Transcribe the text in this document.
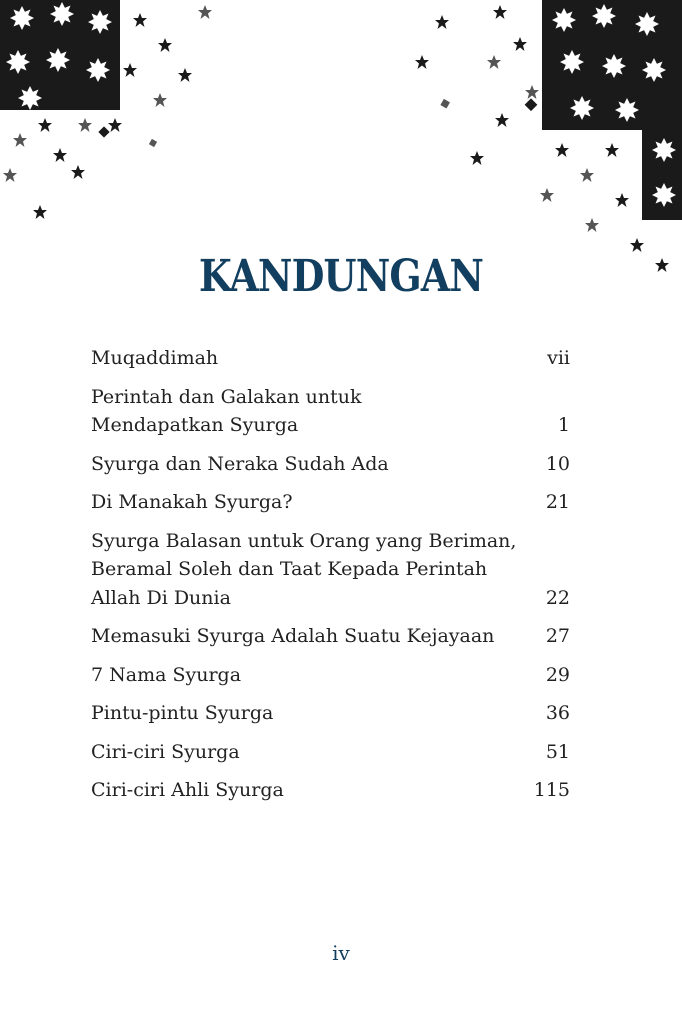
KANDUNGAN
Muqaddimah	vii
Perintah dan Galakan untuk
Mendapatkan Syurga	1
Syurga dan Neraka Sudah Ada	10
Di Manakah Syurga?	21
Syurga Balasan untuk Orang yang Beriman,
Beramal Soleh dan Taat Kepada Perintah
Allah Di Dunia	22
Memasuki Syurga Adalah Suatu Kejayaan	27
7 Nama Syurga	29
Pintu-pintu Syurga	36
Ciri-ciri Syurga	51
Ciri-ciri Ahli Syurga	115
iv
